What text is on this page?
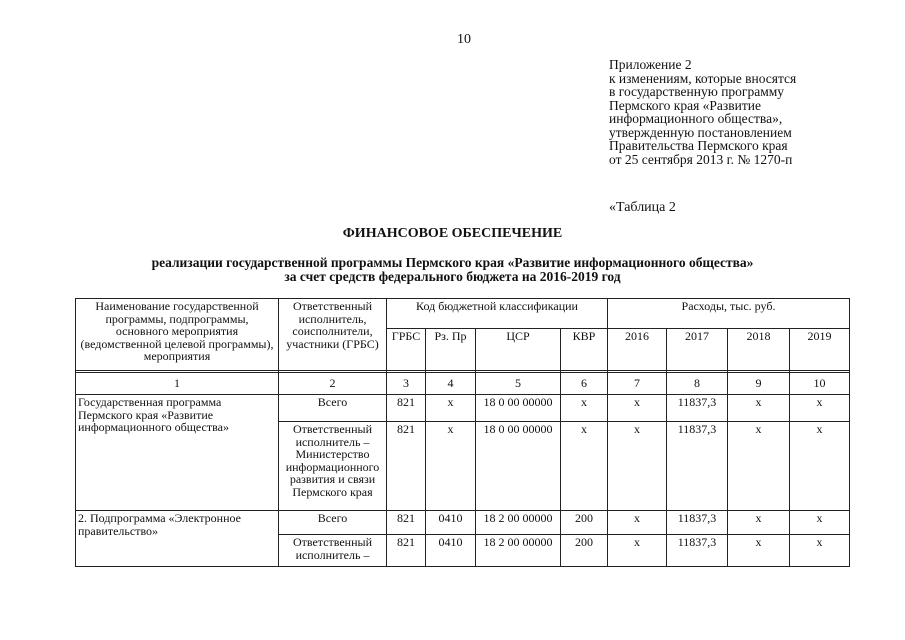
10
Приложение 2
к изменениям, которые вносятся
в государственную программу
Пермского края «Развитие
информационного общества»,
утвержденную постановлением
Правительства Пермского края
от 25 сентября 2013 г. № 1270-п
«Таблица 2
ФИНАНСОВОЕ ОБЕСПЕЧЕНИЕ
реализации государственной программы Пермского края «Развитие информационного общества»
за счет средств федерального бюджета на 2016-2019 год
Наименование государственной программы, подпрограммы, основного мероприятия (ведомственной целевой программы), мероприятия	Ответственный исполнитель, соисполнители, участники (ГРБС)	Код бюджетной классификации				Расходы, тыс. руб.			
		ГРБС	Рз. Пр	ЦСР	КВР	2016	2017	2018	2019

1	2	3	4	5	6	7	8	9	10
Государственная программа Пермского края «Развитие информационного общества»	Всего	821	х	18 0 00 00000	х	х	11837,3	х	х
	Ответственный исполнитель – Министерство информационного развития и связи Пермского края	821	х	18 0 00 00000	х	х	11837,3	х	х
2. Подпрограмма «Электронное правительство»	Всего	821	0410	18 2 00 00000	200	х	11837,3	х	х
	Ответственный исполнитель –	821	0410	18 2 00 00000	200	х	11837,3	х	х
